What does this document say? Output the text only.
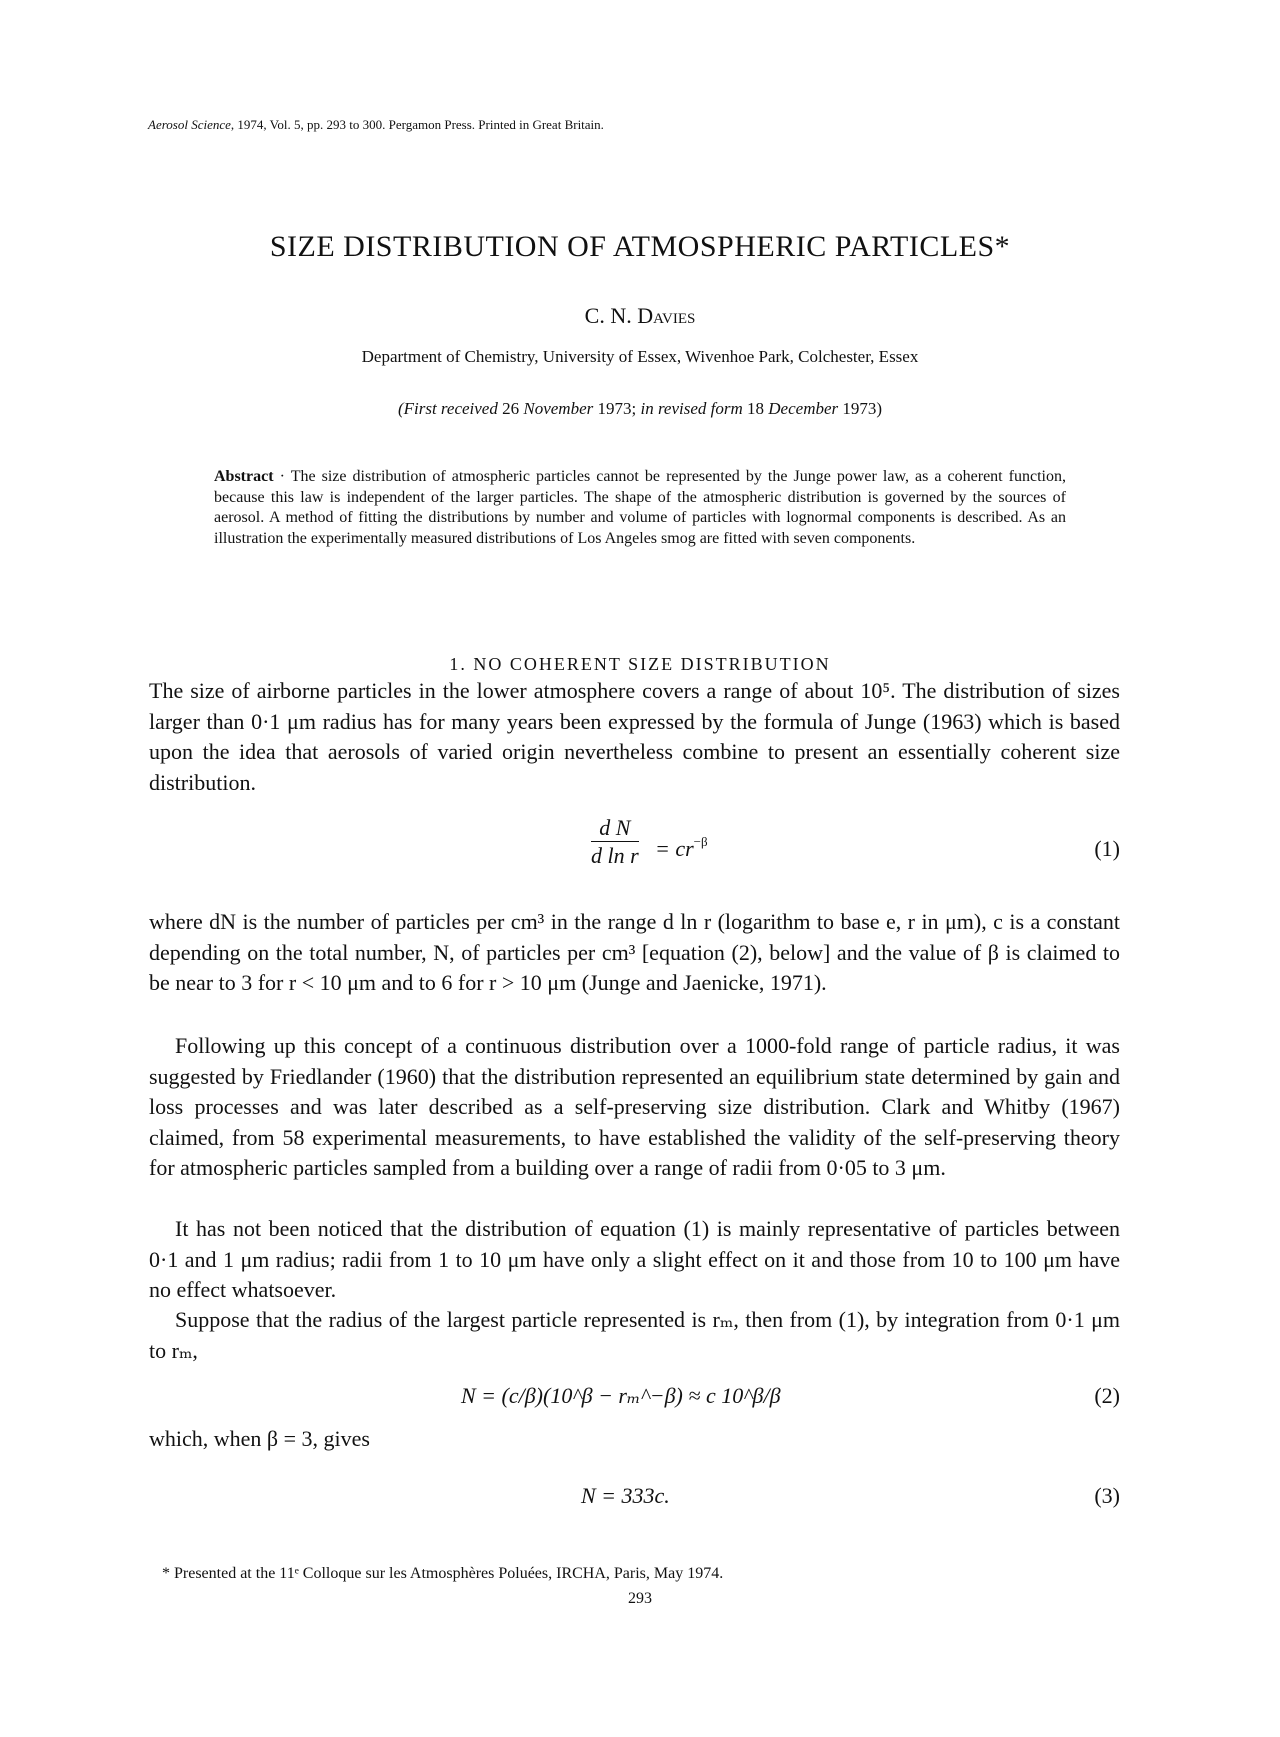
Aerosol Science, 1974, Vol. 5, pp. 293 to 300. Pergamon Press. Printed in Great Britain.
SIZE DISTRIBUTION OF ATMOSPHERIC PARTICLES*
C. N. Davies
Department of Chemistry, University of Essex, Wivenhoe Park, Colchester, Essex
(First received 26 November 1973; in revised form 18 December 1973)
Abstract · The size distribution of atmospheric particles cannot be represented by the Junge power law, as a coherent function, because this law is independent of the larger particles. The shape of the atmospheric distribution is governed by the sources of aerosol. A method of fitting the distributions by number and volume of particles with lognormal components is described. As an illustration the experimentally measured distributions of Los Angeles smog are fitted with seven components.
1. NO COHERENT SIZE DISTRIBUTION
The size of airborne particles in the lower atmosphere covers a range of about 10⁵. The distribution of sizes larger than 0·1 μm radius has for many years been expressed by the formula of Junge (1963) which is based upon the idea that aerosols of varied origin nevertheless combine to present an essentially coherent size distribution.
$\frac{\text{d N}}{\text{d ln r}} = cr^{-\beta}$	(1)
where dN is the number of particles per cm³ in the range d ln r (logarithm to base e, r in μm), c is a constant depending on the total number, N, of particles per cm³ [equation (2), below] and the value of β is claimed to be near to 3 for r < 10 μm and to 6 for r > 10 μm (Junge and Jaenicke, 1971).
Following up this concept of a continuous distribution over a 1000-fold range of particle radius, it was suggested by Friedlander (1960) that the distribution represented an equilibrium state determined by gain and loss processes and was later described as a self-preserving size distribution. Clark and Whitby (1967) claimed, from 58 experimental measurements, to have established the validity of the self-preserving theory for atmospheric particles sampled from a building over a range of radii from 0·05 to 3 μm.
It has not been noticed that the distribution of equation (1) is mainly representative of particles between 0·1 and 1 μm radius; radii from 1 to 10 μm have only a slight effect on it and those from 10 to 100 μm have no effect whatsoever.
Suppose that the radius of the largest particle represented is rₘ, then from (1), by integration from 0·1 μm to rₘ,
N = (c/β)(10^β − rₘ^−β) ≈ c 10^β/β	(2)
which, when β = 3, gives
N = 333c.	(3)
* Presented at the 11ᵉ Colloque sur les Atmosphères Poluées, IRCHA, Paris, May 1974.
293
